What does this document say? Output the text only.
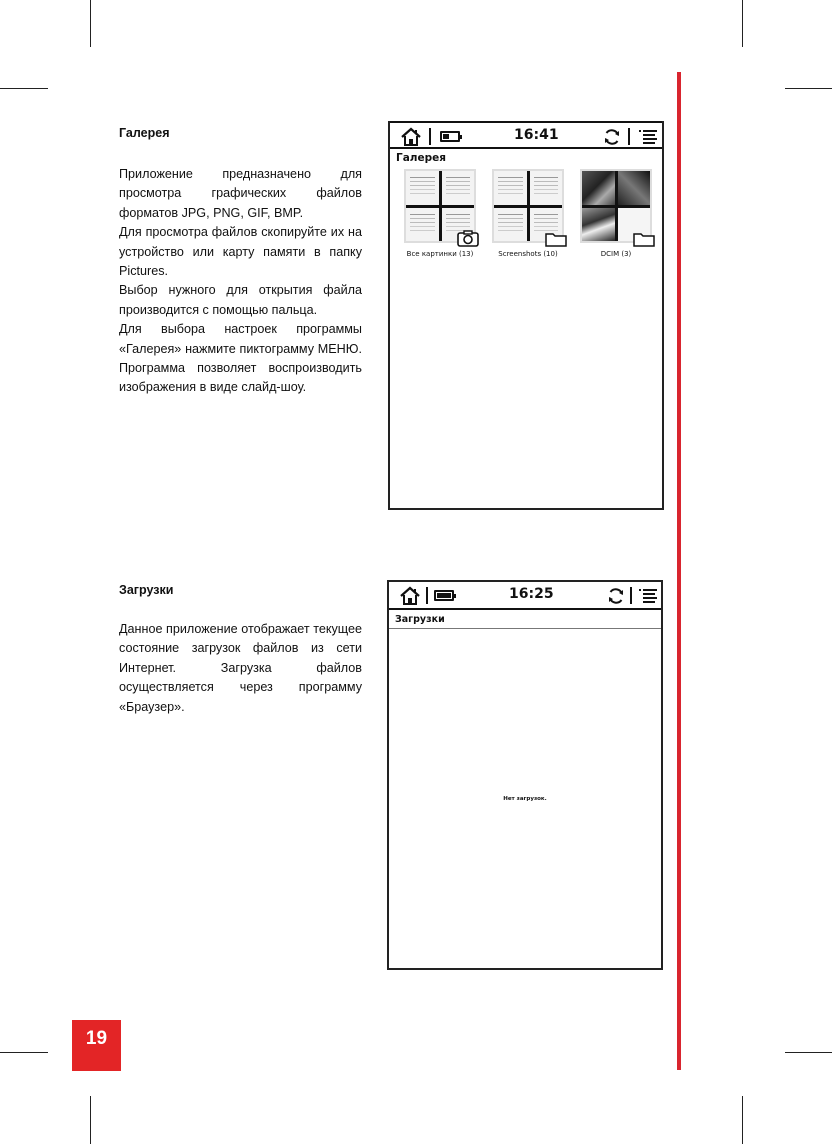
Галерея

Приложение предназначено для просмотра графических файлов форматов JPG, PNG, GIF, BMP.

Для просмотра файлов скопируйте их на устройство или карту памяти в папку Pictures.

Выбор нужного для открытия файла производится с помощью пальца.

Для выбора настроек программы «Галерея» нажмите пиктограмму МЕНЮ. Программа позволяет воспроизводить изображения в виде слайд-шоу.

16:41
Галерея
Все картинки (13)	Screenshots (10)	DCIM (3)
Загрузки

Данное приложение отображает текущее состояние загрузок файлов из сети Интернет. Загрузка файлов осуществляется через программу «Браузер».

16:25
Загрузки
Нет загрузок.
19
